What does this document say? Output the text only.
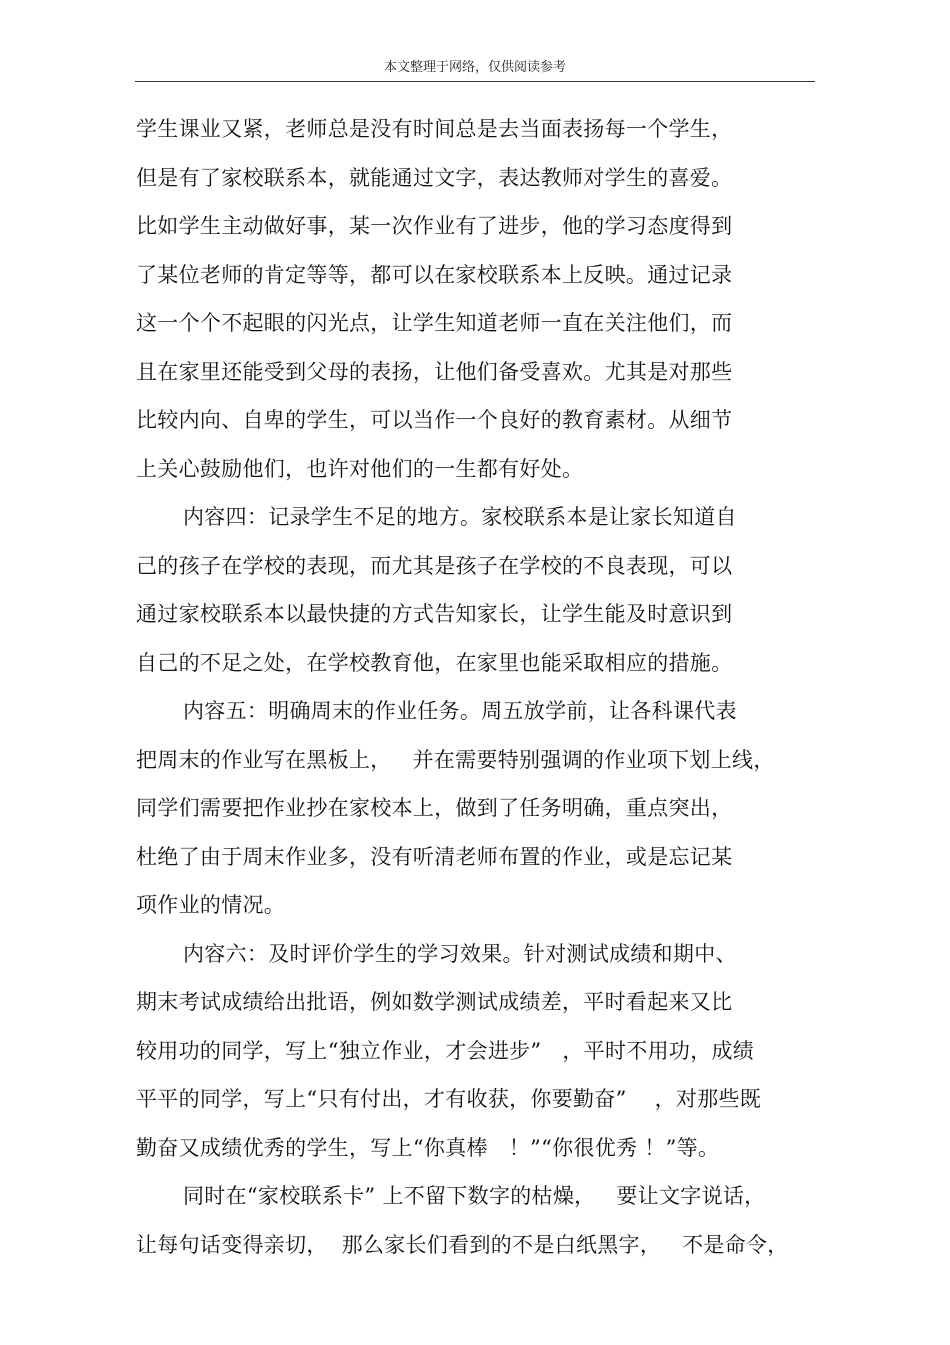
本文整理于网络，仅供阅读参考
学生课业又紧，老师总是没有时间总是去当面表扬每一个学生，
但是有了家校联系本，就能通过文字，表达教师对学生的喜爱。
比如学生主动做好事，某一次作业有了进步，他的学习态度得到
了某位老师的肯定等等，都可以在家校联系本上反映。通过记录
这一个个不起眼的闪光点，让学生知道老师一直在关注他们，而
且在家里还能受到父母的表扬，让他们备受喜欢。尤其是对那些
比较内向、自卑的学生，可以当作一个良好的教育素材。从细节
上关心鼓励他们，也许对他们的一生都有好处。
内容四：记录学生不足的地方。家校联系本是让家长知道自
己的孩子在学校的表现，而尤其是孩子在学校的不良表现，可以
通过家校联系本以最快捷的方式告知家长，让学生能及时意识到
自己的不足之处，在学校教育他，在家里也能采取相应的措施。
内容五：明确周末的作业任务。周五放学前，让各科课代表
把周末的作业写在黑板上，   并在需要特别强调的作业项下划上线，
同学们需要把作业抄在家校本上，做到了任务明确，重点突出，
杜绝了由于周末作业多，没有听清老师布置的作业，或是忘记某
项作业的情况。
内容六：及时评价学生的学习效果。针对测试成绩和期中、
期末考试成绩给出批语，例如数学测试成绩差，平时看起来又比
较用功的同学，写上“独立作业，才会进步”   ，平时不用功，成绩
平平的同学，写上“只有付出，才有收获，你要勤奋”    ，对那些既
勤奋又成绩优秀的学生，写上“你真棒   ！”“你很优秀 ！”等。
同时在“家校联系卡” 上不留下数字的枯燥，   要让文字说话，
让每句话变得亲切，  那么家长们看到的不是白纸黑字，   不是命令，
